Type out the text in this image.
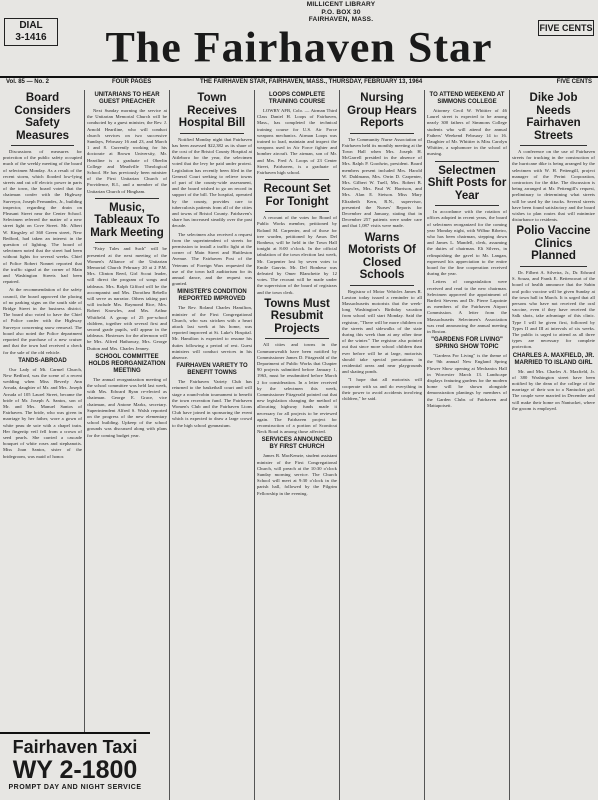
DIAL
3-1416
MILLICENT LIBRARY
P.O. BOX 30
FAIRHAVEN, MASS.
The Fairhaven Star	FIVE CENTS
Vol. 85 — No. 2	FOUR PAGES	THE FAIRHAVEN STAR, FAIRHAVEN, MASS., THURSDAY, FEBRUARY 13, 1964	FIVE CENTS
Board Considers Safety Measures

Discussions of measures for protection of the public safety occupied much of the weekly meeting of the board of selectmen Monday. As a result of the recent storm, which flooded low-lying streets and cut off electric power in parts of the town, the board voted that the chairman confer with the Highway Surveyor, Joseph Fernandes, Jr., building inspector, regarding the drain on Pleasant Street near the Center School. Selectmen referred the matter of a new street light on Cove Street. Mr. Albert W. Kingsley of 360 Green street, New Bedford, had taken an interest in the question of lighting. The board of selectmen noted that the street had been without lights for several weeks. Chief of Police Robert Nonnet reported that the traffic signal at the corner of Main and Washington Streets had been repaired.

At the recommendation of the safety council, the board approved the placing of no parking signs on the south side of Bridge Street in the business district. The board also voted to have the Chief of Police confer with the Highway Surveyor concerning snow removal. The board also noted the Police department reported the purchase of a new cruiser and that the town had received a check for the sale of the old vehicle.

TANDS-ABROAD

Our Lady of Mt. Carmel Church, New Bedford, was the scene of a recent wedding when Miss Beverly Ann Arruda, daughter of Mr. and Mrs. Joseph Arruda of 105 Laurel Street, became the bride of Mr. Joseph A. Santos, son of Mr. and Mrs. Manuel Santos of Fairhaven. The bride, who was given in marriage by her father, wore a gown of white peau de soie with a chapel train. Her fingertip veil fell from a crown of seed pearls. She carried a cascade bouquet of white roses and stephanotis. Miss Joan Santos, sister of the bridegroom, was maid of honor.

UNITARIANS TO HEAR GUEST PREACHER

Next Sunday morning the service at the Unitarian Memorial Church will be conducted by a guest minister, the Rev. J. Arnold Heartline, who will conduct church services on two successive Sundays, February 16 and 23, and March 1 and 8. Currently working for his doctorate at Brown University, Mr. Heartline is a graduate of Oberlin College and Meadville Theological School. He has previously been minister of the First Unitarian Church of Providence, R.I., and a member of the Unitarian Church of Hingham.

Music, Tableaux To Mark Meeting

"Fairy Tales and Such" will be presented at the next meeting of the Women's Alliance of the Unitarian Memorial Church February 20 at 2 P.M. Mrs. Clinton Reed, Girl Scout leader, will direct the program of songs and tableaux. Mrs. Ralph Gifford will be the accompanist and Mrs. Dorothea Rebello will serve as narrator. Others taking part will include Mrs. Raymond Rice, Mrs. Robert Knowles, and Mrs. Arthur Whitfield. A group of 25 pre-school children, together with several first and second grade pupils, will appear in the tableaux. Hostesses for the afternoon will be Mrs. Alfred Hathaway, Mrs. George Dutton and Mrs. Charles Jenney.

SCHOOL COMMITTEE HOLDS REORGANIZATION MEETING

The annual reorganization meeting of the school committee was held last week, with Mrs. Edward Ryan re-elected as chairman. George E. Grace, vice chairman, and Antone Marks, secretary. Superintendent Alfred S. Walsh reported on the progress of the new elementary school building. Upkeep of the school grounds was discussed along with plans for the coming budget year.

Town Receives Hospital Bill

Notified Monday night that Fairhaven has been assessed $22,382 as its share of the cost of the Bristol County Hospital at Attleboro for the year, the selectmen voted that the levy be paid under protest. Legislation has recently been filed in the General Court seeking to relieve towns of part of the county-wide assessment, and the board wished to go on record in support of the bill. The hospital, operated by the county, provides care to tuberculosis patients from all of the cities and towns of Bristol County. Fairhaven's share has increased steadily over the past decade.

The selectmen also received a request from the superintendent of streets for permission to install a traffic light at the corner of Main Street and Huttleston Avenue. The Fairhaven Post of the Veterans of Foreign Wars requested the use of the town hall auditorium for its annual dance, and the request was granted.

MINISTER'S CONDITION REPORTED IMPROVED

The Rev. Roland Charles Hamilton, minister of the First Congregational Church, who was stricken with a heart attack last week at his home, was reported improved at St. Luke's Hospital. Mr. Hamilton is expected to resume his duties following a period of rest. Guest ministers will conduct services in his absence.

FAIRHAVEN VARIETY TO BENEFIT TOWNS

The Fairhaven Variety Club has returned to the basketball court and will stage a round-robin tournament to benefit the town recreation fund. The Fairhaven Women's Club and the Fairhaven Lions Club have joined in sponsoring the event which is expected to draw a large crowd to the high school gymnasium.

LOOPS COMPLETE TRAINING COURSE

LOWRY AFB, Colo. — Airman Third Class Daniel H. Loops of Fairhaven, Mass., has completed the technical training course for U.S. Air Force weapons mechanics. Airman Loops was trained to load, maintain and inspect the weapons used in Air Force fighter and bomber aircraft. The airman, son of Mr. and Mrs. Fred A. Loops of 23 Center Street, Fairhaven, is a graduate of Fairhaven high school.

Recount Set For Tonight

A recount of the votes for Board of Public Works member, petitioned by Roland M. Carpenter, and of those for tree warden, petitioned by Amos Del Bonheur, will be held in the Town Hall tonight at 8:00 o'clock. In the official tabulation of the town election last week, Mr. Carpenter lost by seven votes to Emile Gauvin. Mr. Del Bonheur was defeated by Omer Blanchette by 12 votes. The recount will be made under the supervision of the board of registrars and the town clerk.

Towns Must Resubmit Projects

All cities and towns in the Commonwealth have been notified by Commissioner James D. Fitzgerald of the Department of Public Works that Chapter 90 projects submitted before January 1, 1963, must be resubmitted before March 2 for consideration. In a letter received by the selectmen this week, Commissioner Fitzgerald pointed out that new legislation changing the method of allocating highway funds made it necessary for all projects to be reviewed again. The Fairhaven project for reconstruction of a portion of Sconticut Neck Road is among those affected.

SERVICES ANNOUNCED BY FIRST CHURCH

James B. MacKenzie, student assistant minister of the First Congregational Church, will preach at the 10:30 o'clock Sunday morning service. The Church School will meet at 9:30 o'clock in the parish hall, followed by the Pilgrim Fellowship in the evening.

Nursing Group Hears Reports

The Community Nurse Association of Fairhaven held its monthly meeting at the Town Hall when Mrs. Joseph H. McGarrell presided in the absence of Mrs. Ralph P. Goodwin, president. Board members present included Mrs. Harold W. Dahlmann, Mrs. Orrin D. Carpenter, Mrs. Gilbert W. Tuell, Mrs. Robert B. Knowles, Mrs. Paul W. Harrison, and Mrs. Alan E. Stetson. Miss Mary Elizabeth Kern, R.N., supervisor, presented the Nurses' Reports for December and January, stating that in December 257 patients were under care and that 1,087 visits were made.

Warns Motorists Of Closed Schools

Registrar of Motor Vehicles James R. Lawton today issued a reminder to all Massachusetts motorists that the week-long Washington's Birthday vacation from school will start Monday. Said the registrar, "There will be more children on the streets and sidewalks of the state during this week than at any other time of the winter." The registrar also pointed out that since more school children than ever before will be at large, motorists should take special precautions in residential areas and near playgrounds and skating ponds.

"I hope that all motorists will cooperate with us and do everything in their power to avoid accidents involving children," he said.

TO ATTEND WEEKEND AT SIMMONS COLLEGE

Attorney Cecil W. Whittier of 46 Laurel street is expected to be among nearly 300 fathers of Simmons College students who will attend the annual Fathers' Weekend February 14 to 16. Daughter of Mr. Whittier is Miss Carolyn Whittier, a sophomore in the school of nursing.

Selectmen Shift Posts for Year

In accordance with the rotation of offices adopted in recent years, the board of selectmen reorganized for the coming year Monday night, with Wilbur Ribeiro, who has been chairman, stepping down and James L. Mandell, clerk, assuming the duties of chairman. Eli Silvers, in relinquishing the gavel to Mr. Langan, expressed his appreciation to the entire board for the fine cooperation received during the year.

Letters of congratulation were received and read to the new chairman. Selectmen approved the appointment of Bartlett Stevens and Dr. Pierre Lapointe as members of the Fairhaven Airport Commission. A letter from the Massachusetts Selectmen's Association was read announcing the annual meeting in Boston.

"GARDENS FOR LIVING" SPRING SHOW TOPIC

"Gardens For Living" is the theme of the 9th annual New England Spring Flower Show opening at Mechanics Hall in Worcester March 13. Landscape displays featuring gardens for the modern home will be shown alongside demonstration plantings by members of the Garden Clubs of Fairhaven and Mattapoisett.

Dike Job Needs Fairhaven Streets

A conference on the use of Fairhaven streets for trucking in the construction of the hurricane dike is being arranged by the selectmen with W. H. Pettengill, project manager of the Perini Corporation, contractors for the dike. The discussion is being arranged at Mr. Pettengill's request, preliminary to determining what streets will be used by the trucks. Several streets have been found satisfactory and the board wishes to plan routes that will minimize disturbance to residents.

Polio Vaccine Clinics Planned

Dr. Filbert A. Silveira, Jr., Dr. Edward S. Souza, and Frank E. Bettencourt of the board of health announce that the Sabin oral polio vaccine will be given Sunday at the town hall in March. It is urged that all persons who have not received the oral vaccine, even if they have received the Salk shots, take advantage of this clinic. Type I will be given first, followed by Types II and III at intervals of six weeks. The public is urged to attend as all three types are necessary for complete protection.

CHARLES A. MAXFIELD, JR. MARRIED TO ISLAND GIRL

Mr. and Mrs. Charles A. Maxfield, Jr. of 380 Washington street have been notified by the dean of the college of the marriage of their son to a Nantucket girl. The couple were married in December and will make their home on Nantucket, where the groom is employed.

Fairhaven Taxi
WY 2-1800
PROMPT DAY AND NIGHT SERVICE
